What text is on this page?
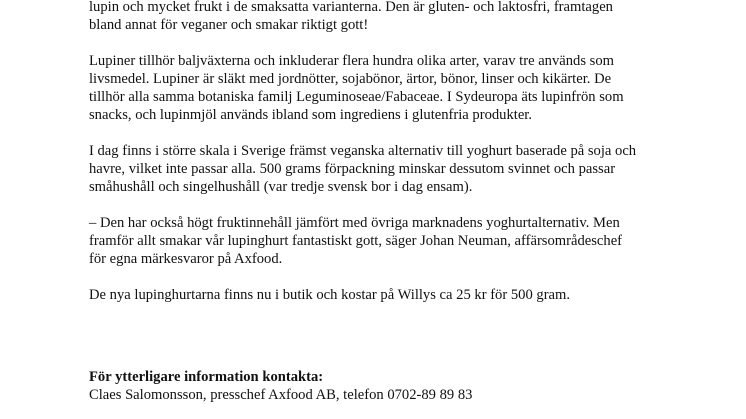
lupin och mycket frukt i de smaksatta varianterna. Den är gluten- och laktosfri, framtagen

bland annat för veganer och smakar riktigt gott!

Lupiner tillhör baljväxterna och inkluderar flera hundra olika arter, varav tre används som

livsmedel. Lupiner är släkt med jordnötter, sojabönor, ärtor, bönor, linser och kikärter. De

tillhör alla samma botaniska familj Leguminoseae/Fabaceae. I Sydeuropa äts lupinfrön som

snacks, och lupinmjöl används ibland som ingrediens i glutenfria produkter.

I dag finns i större skala i Sverige främst veganska alternativ till yoghurt baserade på soja och

havre, vilket inte passar alla. 500 grams förpackning minskar dessutom svinnet och passar

småhushåll och singelhushåll (var tredje svensk bor i dag ensam).

– Den har också högt fruktinnehåll jämfört med övriga marknadens yoghurtalternativ. Men

framför allt smakar vår lupinghurt fantastiskt gott, säger Johan Neuman, affärsområdeschef

för egna märkesvaror på Axfood.

De nya lupinghurtarna finns nu i butik och kostar på Willys ca 25 kr för 500 gram.

För ytterligare information kontakta:

Claes Salomonsson, presschef Axfood AB, telefon 0702-89 89 83
